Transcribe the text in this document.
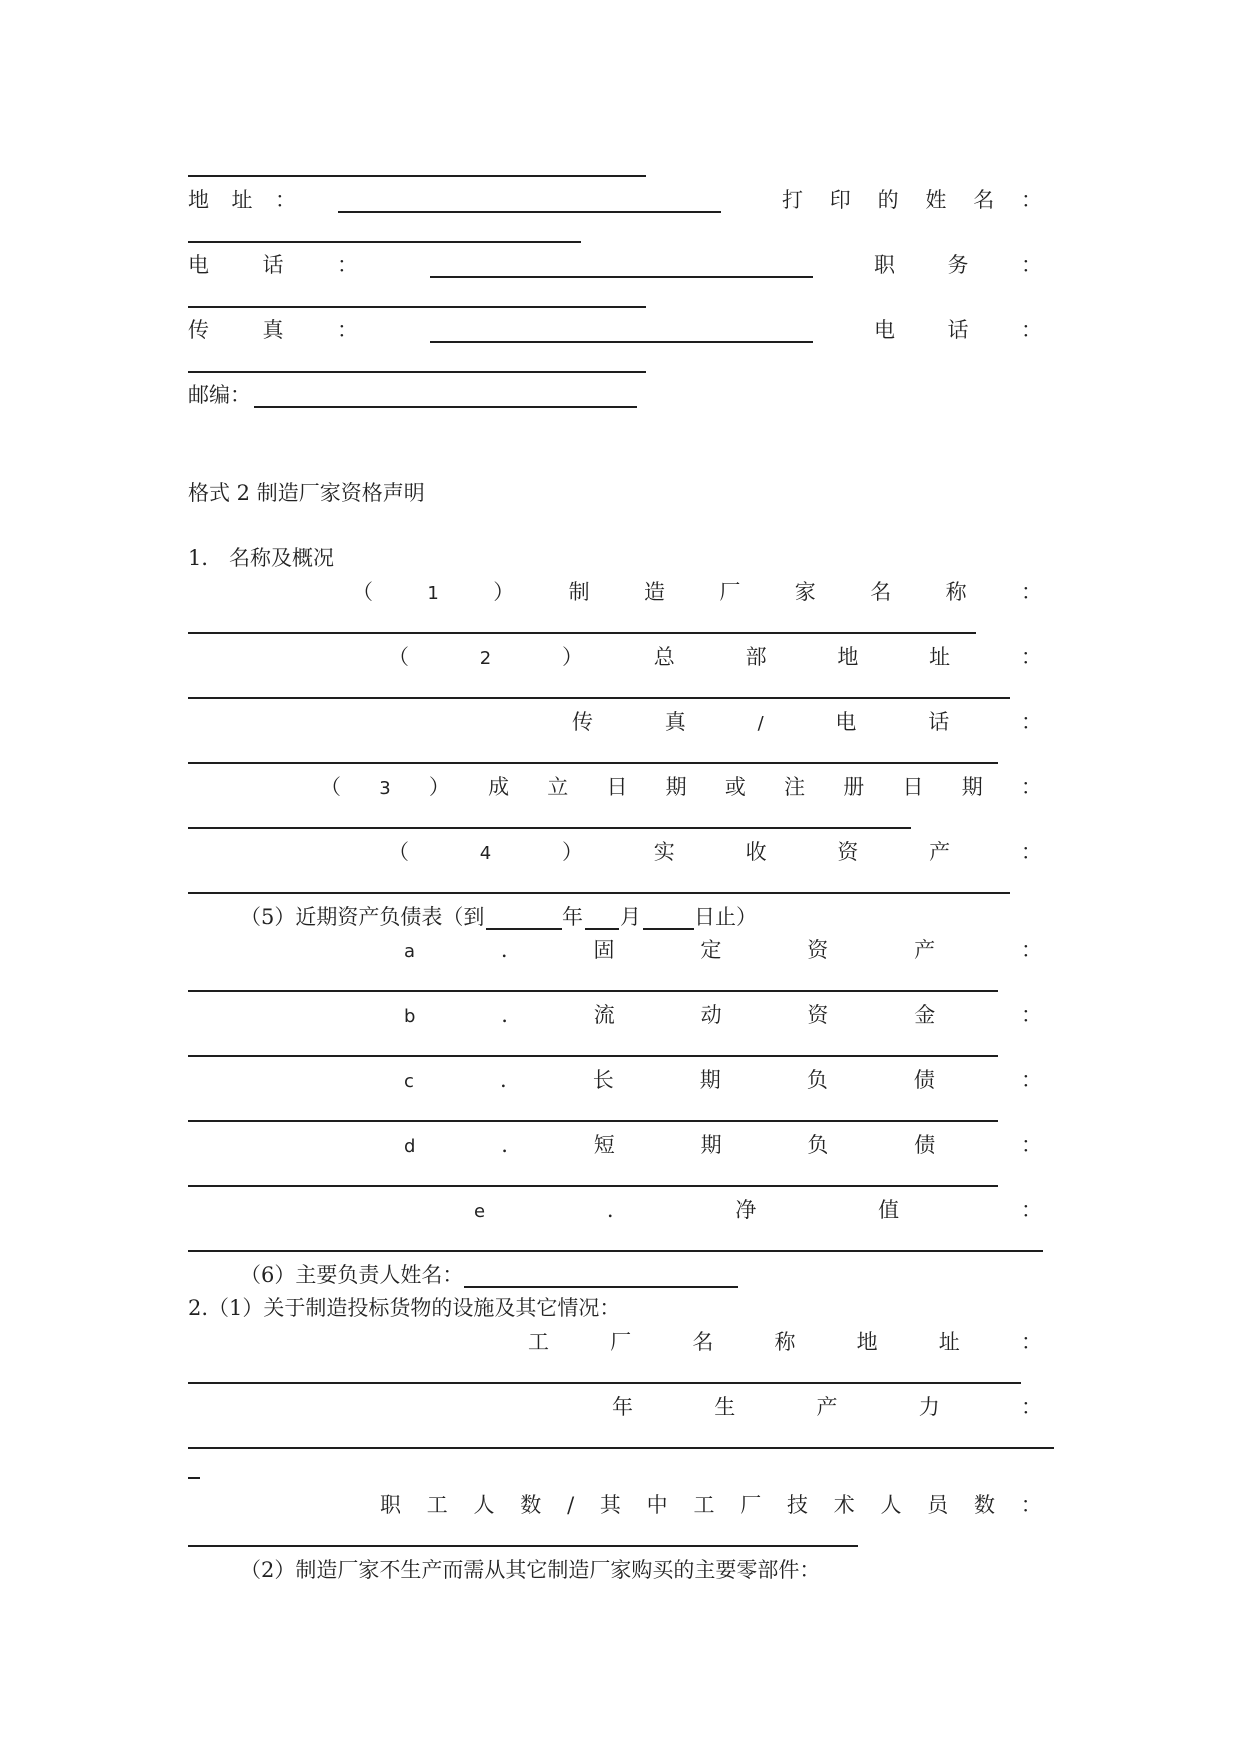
地 址 ：	打 印 的 姓 名 ：
电	话	：	职	务	：
传	真	：	电	话	：
邮编：
格式 2 制造厂家资格声明
1． 名称及概况
（	1	）	制	造	厂	家	名	称	：
（	2	）	总	部	地	址	：
传	真	/	电	话	：
（ 3 ） 成 立 日 期 或 注 册 日 期 ：
（	4	）	实	收	资	产	：
（5）近期资产负债表（到	年 月	日止）
a	.	固	定	资	产	：
b	.	流	动	资	金	：
c	.	长	期	负	债	：
d	.	短	期	负	债	：
e	.	净	值	：
（6）主要负责人姓名：
2.（1）关于制造投标货物的设施及其它情况：
工	厂	名	称	地	址	：
年	生	产	力	：
职 工 人 数 / 其 中 工 厂 技 术 人 员 数 ：
（2）制造厂家不生产而需从其它制造厂家购买的主要零部件：
